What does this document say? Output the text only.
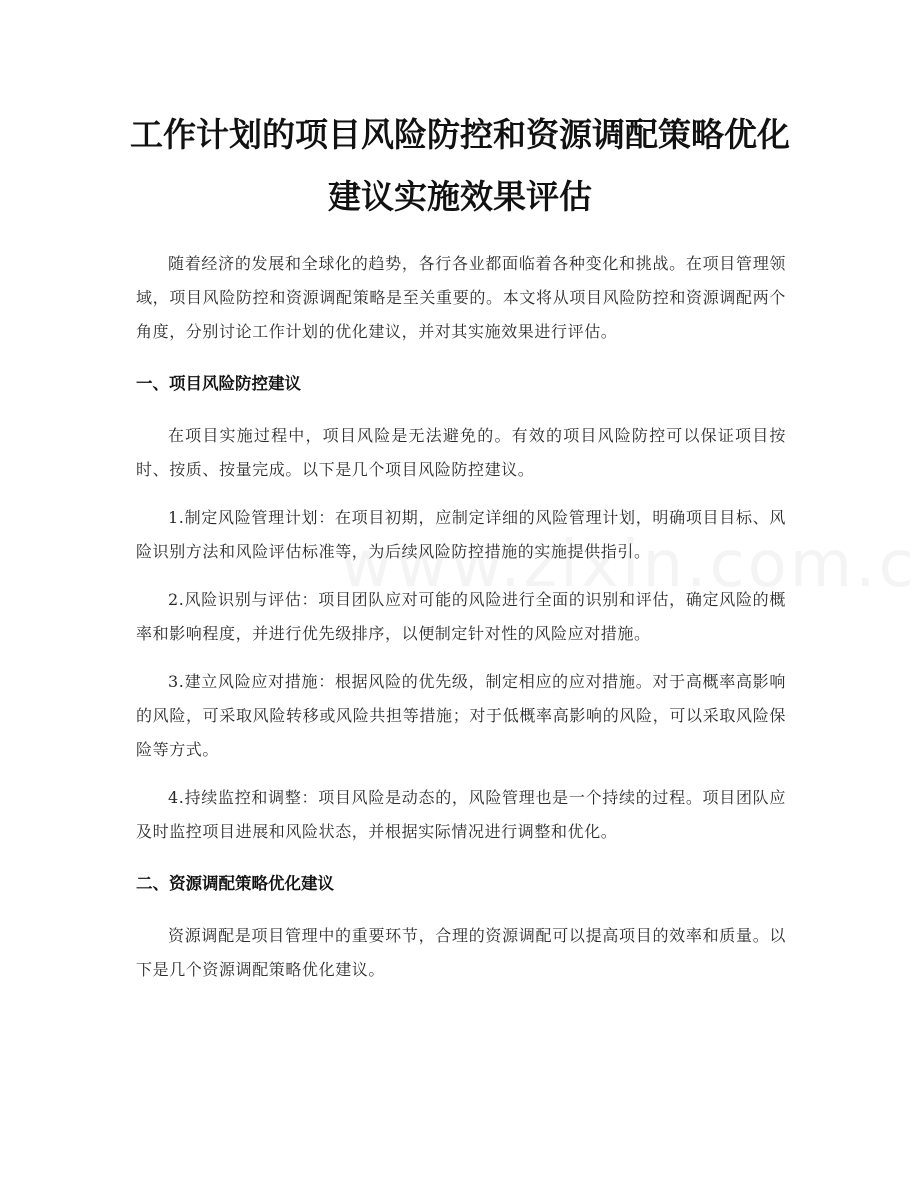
工作计划的项目风险防控和资源调配策略优化建议实施效果评估

随着经济的发展和全球化的趋势，各行各业都面临着各种变化和挑战。在项目管理领域，项目风险防控和资源调配策略是至关重要的。本文将从项目风险防控和资源调配两个角度，分别讨论工作计划的优化建议，并对其实施效果进行评估。

一、项目风险防控建议

在项目实施过程中，项目风险是无法避免的。有效的项目风险防控可以保证项目按时、按质、按量完成。以下是几个项目风险防控建议。

1.制定风险管理计划：在项目初期，应制定详细的风险管理计划，明确项目目标、风险识别方法和风险评估标准等，为后续风险防控措施的实施提供指引。

2.风险识别与评估：项目团队应对可能的风险进行全面的识别和评估，确定风险的概率和影响程度，并进行优先级排序，以便制定针对性的风险应对措施。

3.建立风险应对措施：根据风险的优先级，制定相应的应对措施。对于高概率高影响的风险，可采取风险转移或风险共担等措施；对于低概率高影响的风险，可以采取风险保险等方式。

4.持续监控和调整：项目风险是动态的，风险管理也是一个持续的过程。项目团队应及时监控项目进展和风险状态，并根据实际情况进行调整和优化。

二、资源调配策略优化建议

资源调配是项目管理中的重要环节，合理的资源调配可以提高项目的效率和质量。以下是几个资源调配策略优化建议。
